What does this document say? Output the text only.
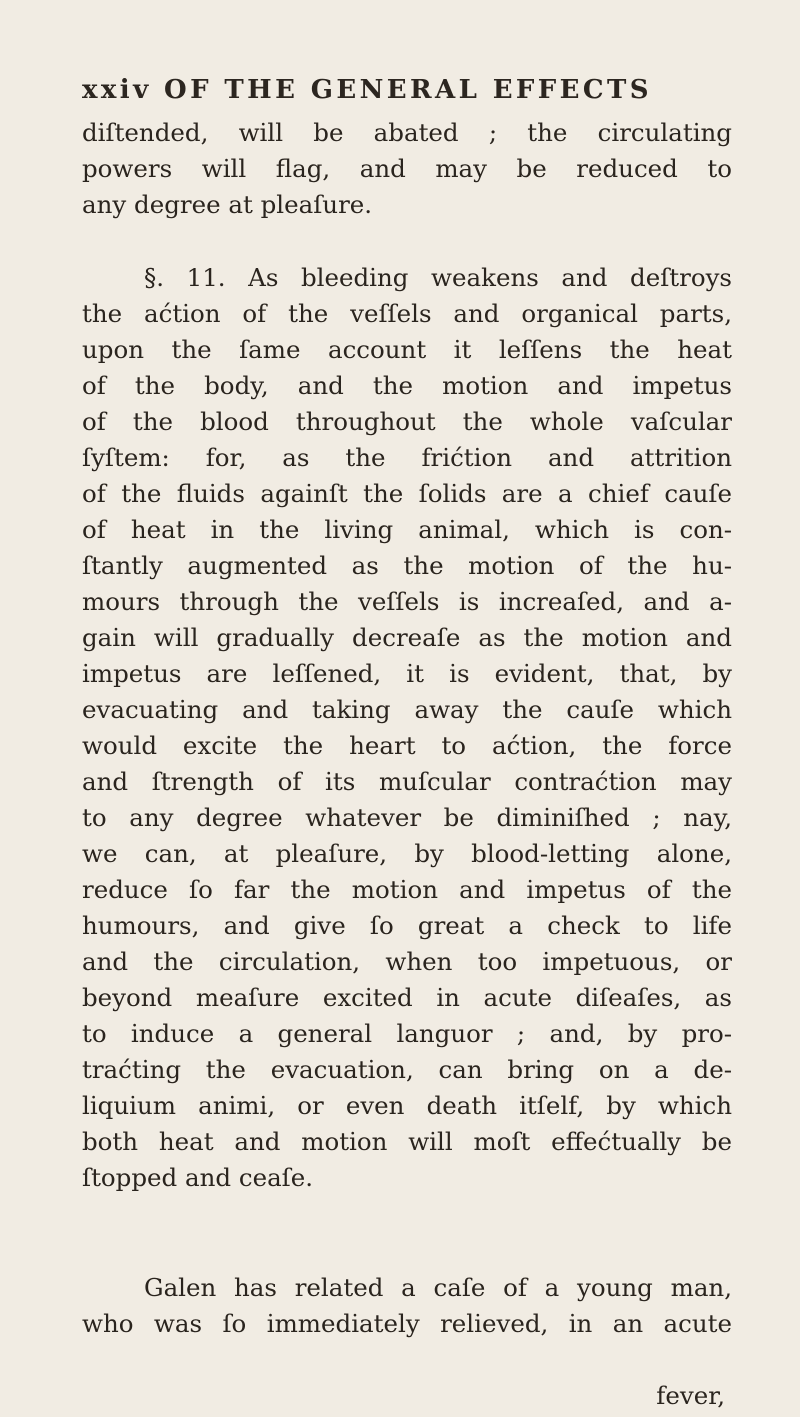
xxiv OF THE GENERAL EFFECTS
diſtended, will be abated ; the circulating
powers will flag, and may be reduced to
any degree at pleaſure.
§. 11. As bleeding weakens and deſtroys
the aćtion of the veſſels and organical parts,
upon the ſame account it leſſens the heat
of the body, and the motion and impetus
of the blood throughout the whole vaſcular
ſyſtem: for, as the frićtion and attrition
of the fluids againſt the ſolids are a chief cauſe
of heat in the living animal, which is con-
ſtantly augmented as the motion of the hu-
mours through the veſſels is increaſed, and a-
gain will gradually decreaſe as the motion and
impetus are leſſened, it is evident, that, by
evacuating and taking away the cauſe which
would excite the heart to aćtion, the force
and ſtrength of its muſcular contraćtion may
to any degree whatever be diminiſhed ; nay,
we can, at pleaſure, by blood-letting alone,
reduce ſo far the motion and impetus of the
humours, and give ſo great a check to life
and the circulation, when too impetuous, or
beyond meaſure excited in acute diſeaſes, as
to induce a general languor ; and, by pro-
traćting the evacuation, can bring on a de-
liquium animi, or even death itſelf, by which
both heat and motion will moſt effećtually be
ſtopped and ceaſe.
Galen has related a caſe of a young man,
who was ſo immediately relieved, in an acute
fever,
